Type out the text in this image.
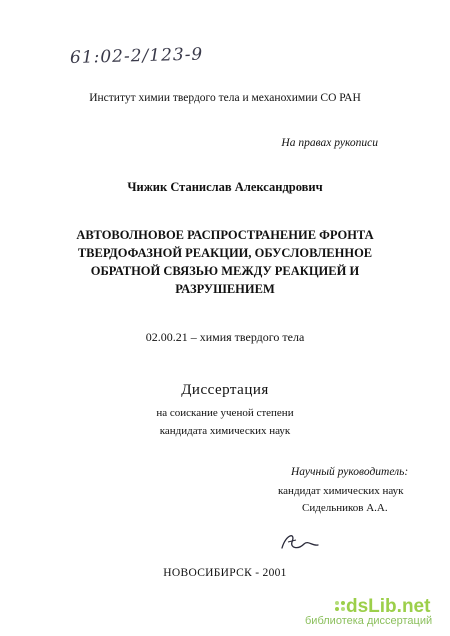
61:02-2/123-9
Институт химии твердого тела и механохимии СО РАН
На правах рукописи
Чижик Станислав Александрович
АВТОВОЛНОВОЕ РАСПРОСТРАНЕНИЕ ФРОНТА
ТВЕРДОФАЗНОЙ РЕАКЦИИ, ОБУСЛОВЛЕННОЕ
ОБРАТНОЙ СВЯЗЬЮ МЕЖДУ РЕАКЦИЕЙ И
РАЗРУШЕНИЕМ
02.00.21 – химия твердого тела
Диссертация
на соискание ученой степени
кандидата химических наук
Научный руководитель:
кандидат химических наук
Сидельников А.А.
НОВОСИБИРСК - 2001
dsLib.net
библиотека диссертаций
